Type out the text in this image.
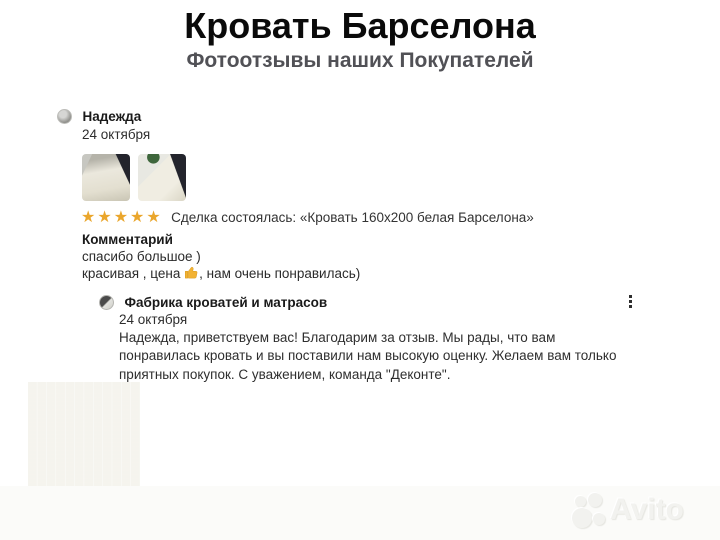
Кровать Барселона
Фотоотзывы наших Покупателей
Надежда
24 октября

★★★★★ Сделка состоялась: «Кровать 160x200 белая Барселона»
Комментарий
спасибо большое )
красивая , цена , нам очень понравилась)
Фабрика кроватей и матрасов
24 октября
Надежда, приветствуем вас! Благодарим за отзыв. Мы рады, что вам понравилась кровать и вы поставили нам высокую оценку. Желаем вам только приятных покупок. С уважением, команда "Деконте".
Avito
